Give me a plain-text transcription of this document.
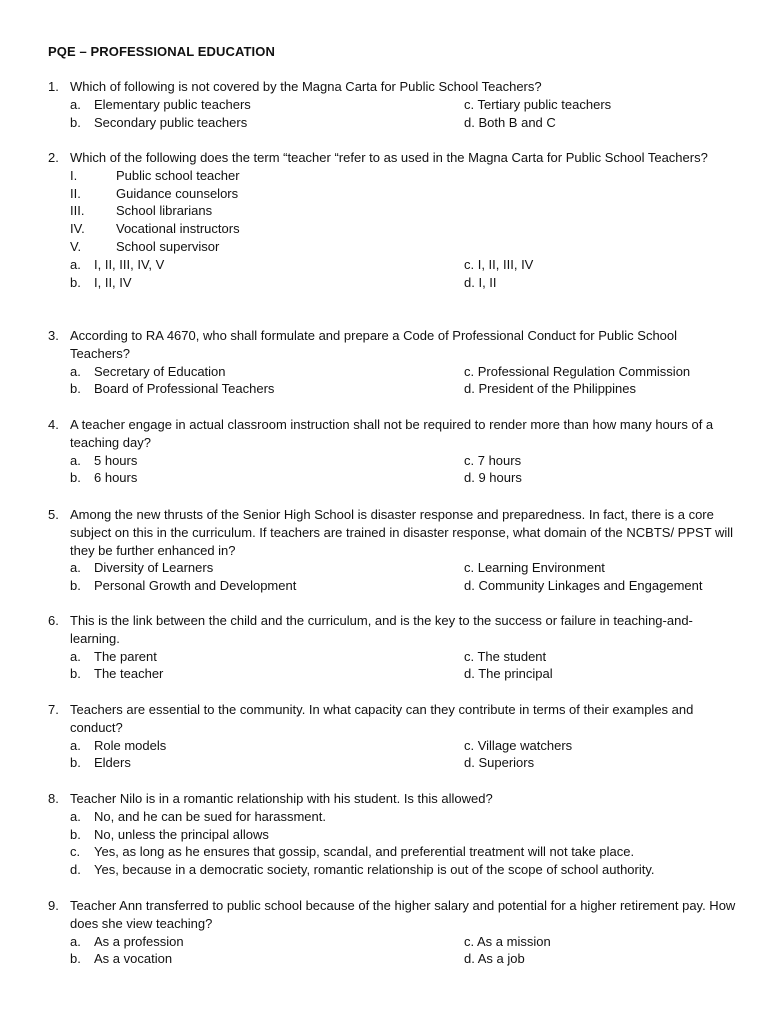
PQE – PROFESSIONAL EDUCATION
1. Which of following is not covered by the Magna Carta for Public School Teachers?
a.	Elementary public teachers	c. Tertiary public teachers
b.	Secondary public teachers	d. Both B and C
2. Which of the following does the term “teacher “refer to as used in the Magna Carta for Public School Teachers?
I.	Public school teacher
II.	Guidance counselors
III.	School librarians
IV.	Vocational instructors
V.	School supervisor
a.	I, II, III, IV, V	c. I, II, III, IV
b.	I, II, IV	d. I, II
3. According to RA 4670, who shall formulate and prepare a Code of Professional Conduct for Public School Teachers?
a.	Secretary of Education	c. Professional Regulation Commission
b.	Board of Professional Teachers	d. President of the Philippines
4. A teacher engage in actual classroom instruction shall not be required to render more than how many hours of a teaching day?
a.	5 hours	c. 7 hours
b.	6 hours	d. 9 hours
5. Among the new thrusts of the Senior High School is disaster response and preparedness. In fact, there is a core subject on this in the curriculum. If teachers are trained in disaster response, what domain of the NCBTS/ PPST will they be further enhanced in?
a.	Diversity of Learners	c. Learning Environment
b.	Personal Growth and Development	d. Community Linkages and Engagement
6. This is the link between the child and the curriculum, and is the key to the success or failure in teaching-and-learning.
a.	The parent	c. The student
b.	The teacher	d. The principal
7. Teachers are essential to the community. In what capacity can they contribute in terms of their examples and conduct?
a.	Role models	c. Village watchers
b.	Elders	d. Superiors
8. Teacher Nilo is in a romantic relationship with his student. Is this allowed?
a.	No, and he can be sued for harassment.
b.	No, unless the principal allows
c.	Yes, as long as he ensures that gossip, scandal, and preferential treatment will not take place.
d.	Yes, because in a democratic society, romantic relationship is out of the scope of school authority.
9. Teacher Ann transferred to public school because of the higher salary and potential for a higher retirement pay. How does she view teaching?
a.	As a profession	c. As a mission
b.	As a vocation	d. As a job
